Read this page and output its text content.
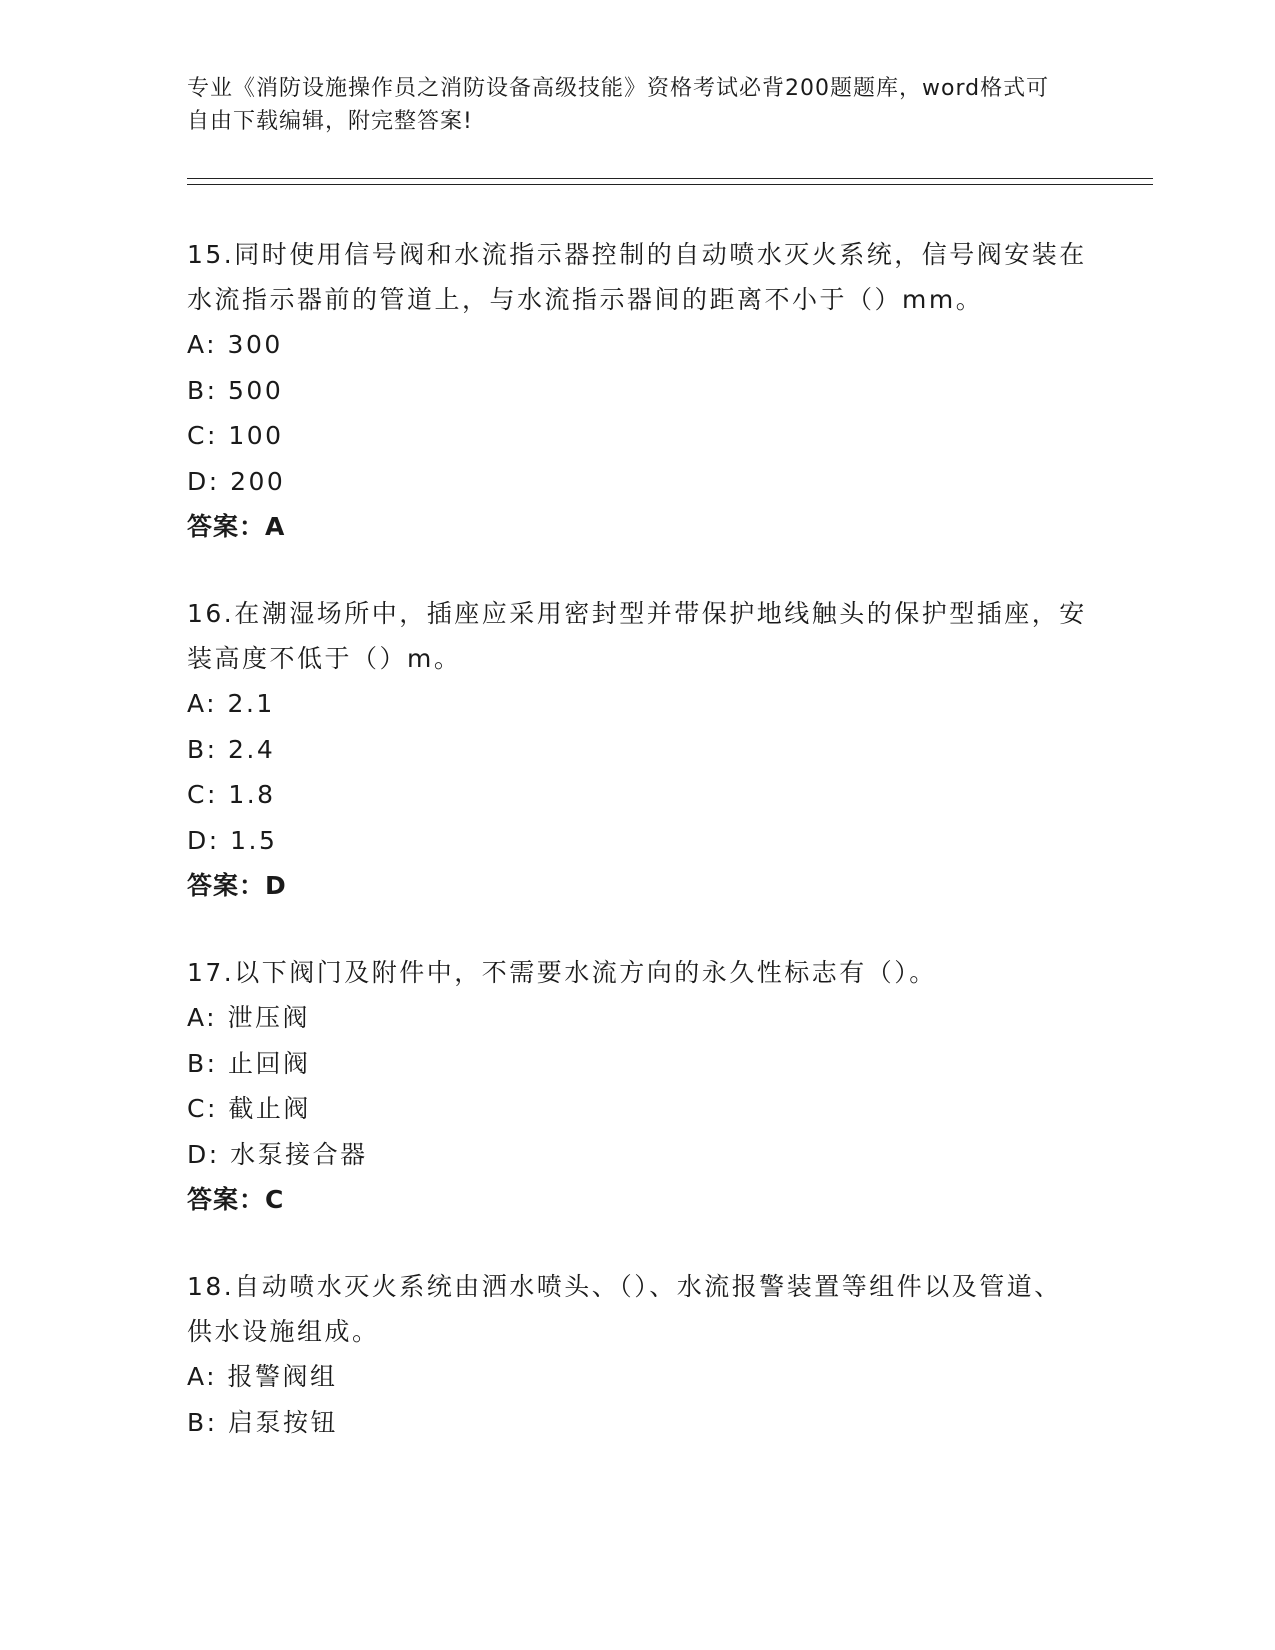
专业《消防设施操作员之消防设备高级技能》资格考试必背200题题库，word格式可自由下载编辑，附完整答案!

15.同时使用信号阀和水流指示器控制的自动喷水灭火系统，信号阀安装在水流指示器前的管道上，与水流指示器间的距离不小于（）mm。

A: 300

B: 500

C: 100

D: 200

答案：A

16.在潮湿场所中，插座应采用密封型并带保护地线触头的保护型插座，安装高度不低于（）m。

A: 2.1

B: 2.4

C: 1.8

D: 1.5

答案：D

17.以下阀门及附件中，不需要水流方向的永久性标志有（）。

A: 泄压阀

B: 止回阀

C: 截止阀

D: 水泵接合器

答案：C

18.自动喷水灭火系统由洒水喷头、（）、水流报警装置等组件以及管道、供水设施组成。

A: 报警阀组

B: 启泵按钮
